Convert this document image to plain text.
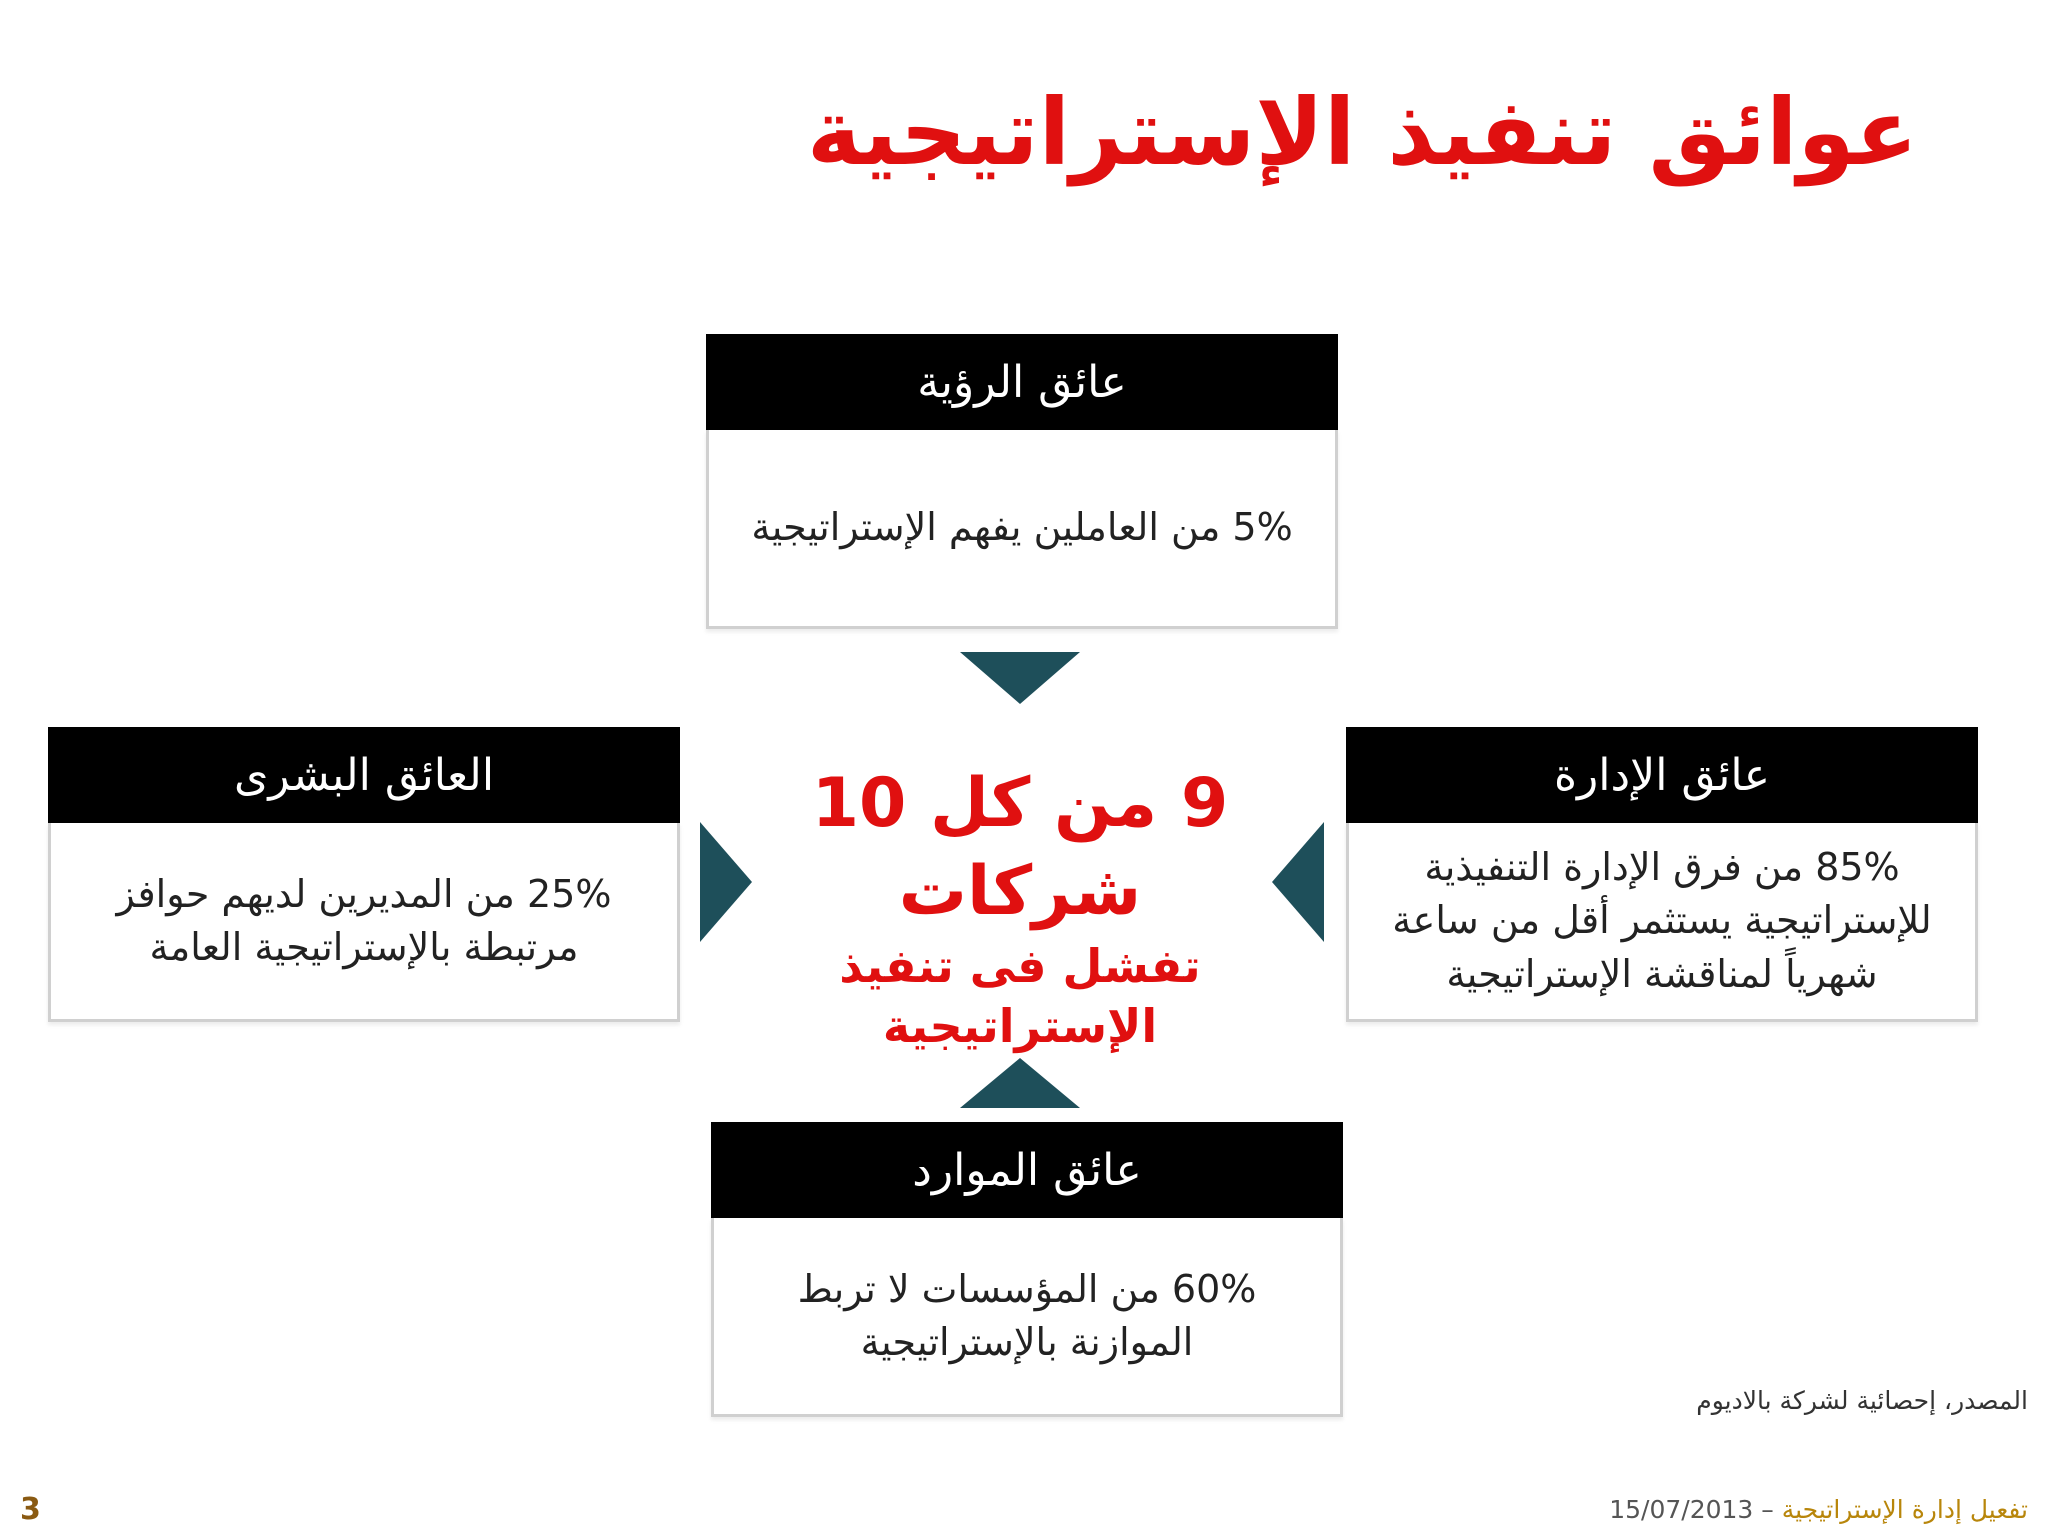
عوائق تنفيذ الإستراتيجية
عائق الرؤية
5% من العاملين يفهم الإستراتيجية
العائق البشرى
25% من المديرين لديهم حوافز مرتبطة بالإستراتيجية العامة
عائق الإدارة
85% من فرق الإدارة التنفيذية للإستراتيجية يستثمر أقل من ساعة شهرياً لمناقشة الإستراتيجية
عائق الموارد
60% من المؤسسات لا تربط الموازنة بالإستراتيجية
9 من كل 10 شركات
تفشل فى تنفيذ
الإستراتيجية
المصدر، إحصائية لشركة بالاديوم
تفعيل إدارة الإستراتيجية – 15/07/2013
3
